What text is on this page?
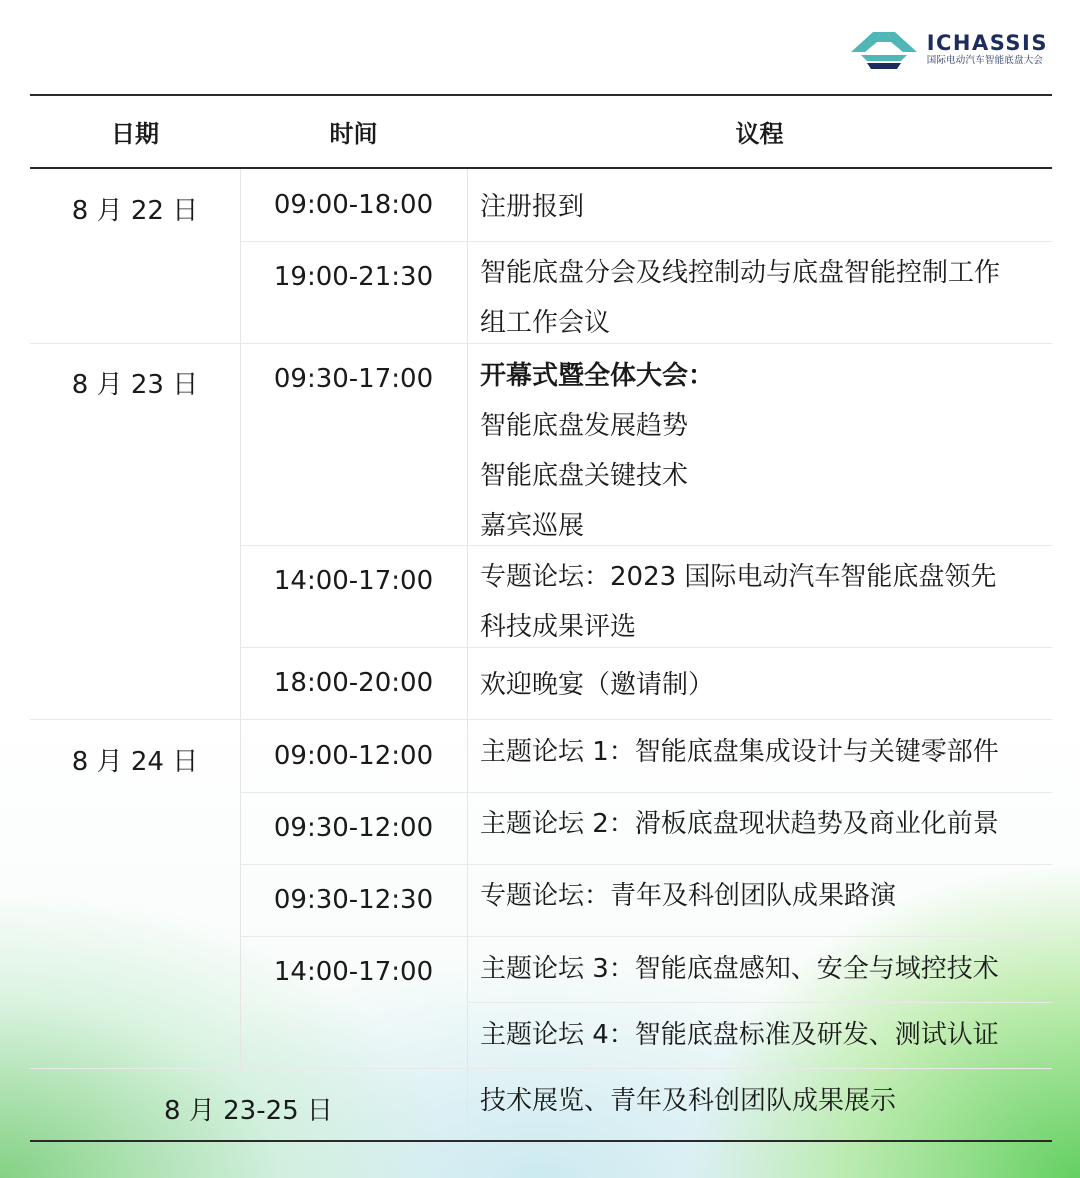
ICHASSIS
国际电动汽车智能底盘大会
日期	时间	议程
8 月 22 日
8 月 23 日
8 月 24 日
8 月 23-25 日
09:00-18:00
19:00-21:30
09:30-17:00
14:00-17:00
18:00-20:00
09:00-12:00
09:30-12:00
09:30-12:30
14:00-17:00
注册报到
智能底盘分会及线控制动与底盘智能控制工作
组工作会议
开幕式暨全体大会：
智能底盘发展趋势
智能底盘关键技术
嘉宾巡展
专题论坛：2023 国际电动汽车智能底盘领先
科技成果评选
欢迎晚宴（邀请制）
主题论坛 1：智能底盘集成设计与关键零部件
主题论坛 2：滑板底盘现状趋势及商业化前景
专题论坛：青年及科创团队成果路演
主题论坛 3：智能底盘感知、安全与域控技术
主题论坛 4：智能底盘标准及研发、测试认证
技术展览、青年及科创团队成果展示
